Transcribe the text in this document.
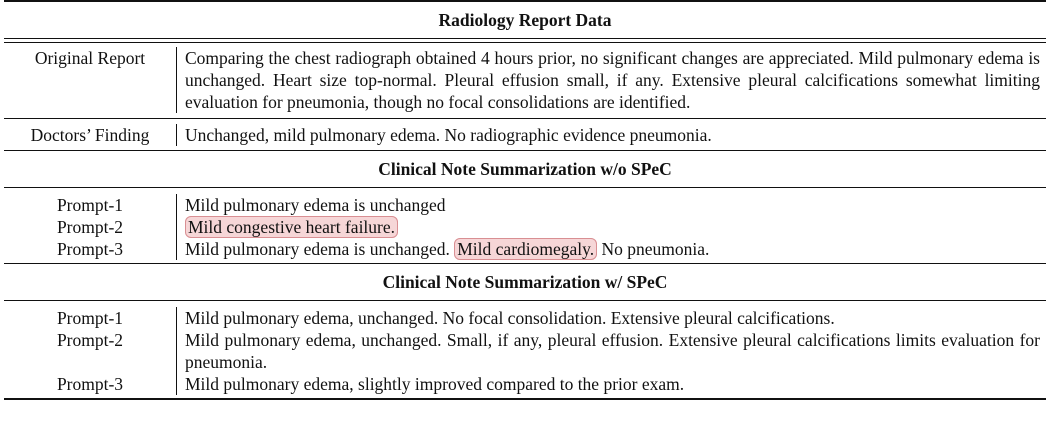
Radiology Report Data
Original Report	Comparing the chest radiograph obtained 4 hours prior, no significant changes are appreciated. Mild pulmonary edema is unchanged. Heart size top-normal. Pleural effusion small, if any. Extensive pleural calcifications somewhat limiting evaluation for pneumonia, though no focal consolidations are identified.
Doctors’ Finding	Unchanged, mild pulmonary edema. No radiographic evidence pneumonia.
Clinical Note Summarization w/o SPeC
Prompt-1
Prompt-2
Prompt-3
Mild pulmonary edema is unchanged
Mild congestive heart failure.
Mild pulmonary edema is unchanged. Mild cardiomegaly. No pneumonia.
Clinical Note Summarization w/ SPeC
Prompt-1
Prompt-2
Prompt-3
Mild pulmonary edema, unchanged. No focal consolidation. Extensive pleural calcifications.
Mild pulmonary edema, unchanged. Small, if any, pleural effusion. Extensive pleural calcifications limits evaluation for pneumonia.
Mild pulmonary edema, slightly improved compared to the prior exam.
